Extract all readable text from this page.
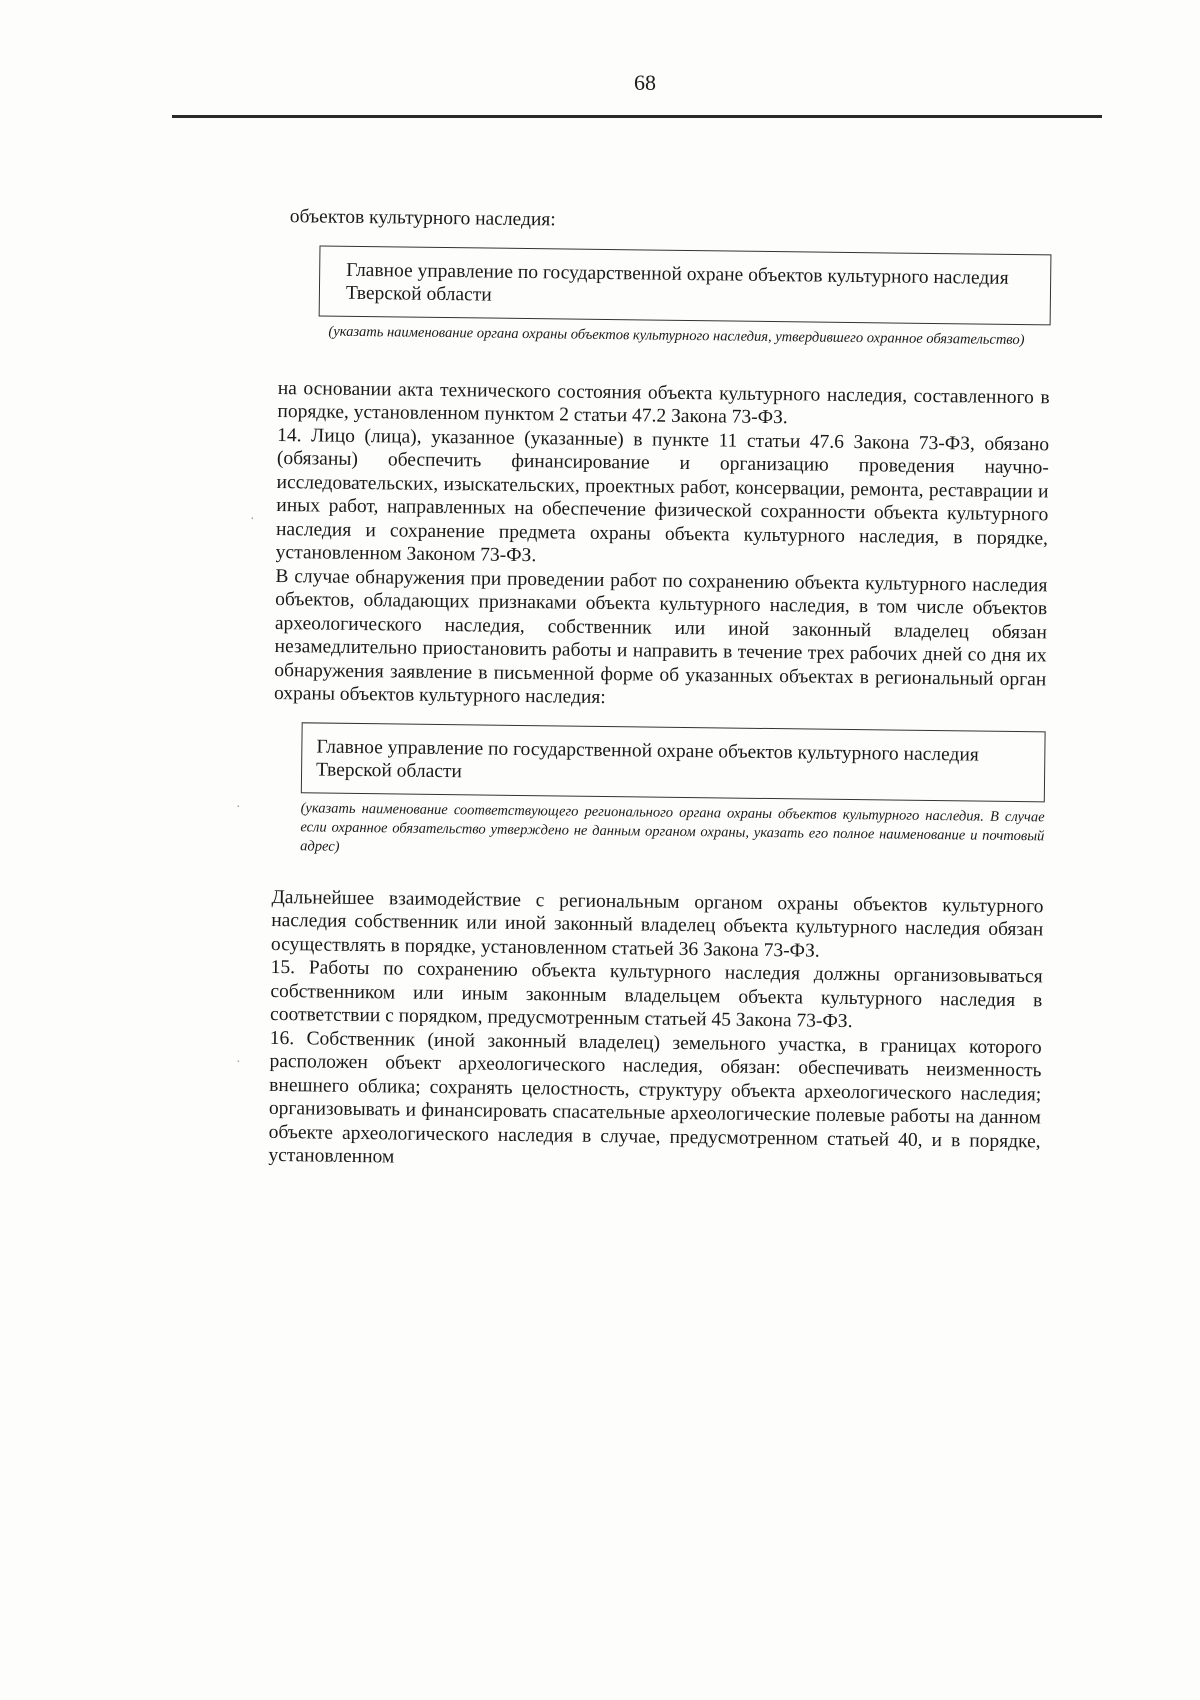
68

объектов культурного наследия:

Главное управление по государственной охране объектов культурного наследия Тверской области

(указать наименование органа охраны объектов культурного наследия, утвердившего охранное обязательство)

на основании акта технического состояния объекта культурного наследия, составленного в порядке, установленном пунктом 2 статьи 47.2 Закона 73-ФЗ.

14. Лицо (лица), указанное (указанные) в пункте 11 статьи 47.6 Закона 73-ФЗ, обязано (обязаны) обеспечить финансирование и организацию проведения научно-исследовательских, изыскательских, проектных работ, консервации, ремонта, реставрации и иных работ, направленных на обеспечение физической сохранности объекта культурного наследия и сохранение предмета охраны объекта культурного наследия, в порядке, установленном Законом 73-ФЗ.

В случае обнаружения при проведении работ по сохранению объекта культурного наследия объектов, обладающих признаками объекта культурного наследия, в том числе объектов археологического наследия, собственник или иной законный владелец обязан незамедлительно приостановить работы и направить в течение трех рабочих дней со дня их обнаружения заявление в письменной форме об указанных объектах в региональный орган охраны объектов культурного наследия:

Главное управление по государственной охране объектов культурного наследия Тверской области

(указать наименование соответствующего регионального органа охраны объектов культурного наследия. В случае если охранное обязательство утверждено не данным органом охраны, указать его полное наименование и почтовый адрес)

Дальнейшее взаимодействие с региональным органом охраны объектов культурного наследия собственник или иной законный владелец объекта культурного наследия обязан осуществлять в порядке, установленном статьей 36 Закона 73-ФЗ.

15. Работы по сохранению объекта культурного наследия должны организовываться собственником или иным законным владельцем объекта культурного наследия в соответствии с порядком, предусмотренным статьей 45 Закона 73-ФЗ.

16. Собственник (иной законный владелец) земельного участка, в границах которого расположен объект археологического наследия, обязан: обеспечивать неизменность внешнего облика; сохранять целостность, структуру объекта археологического наследия; организовывать и финансировать спасательные археологические полевые работы на данном объекте археологического наследия в случае, предусмотренном статьей 40, и в порядке, установленном

·
·
·
